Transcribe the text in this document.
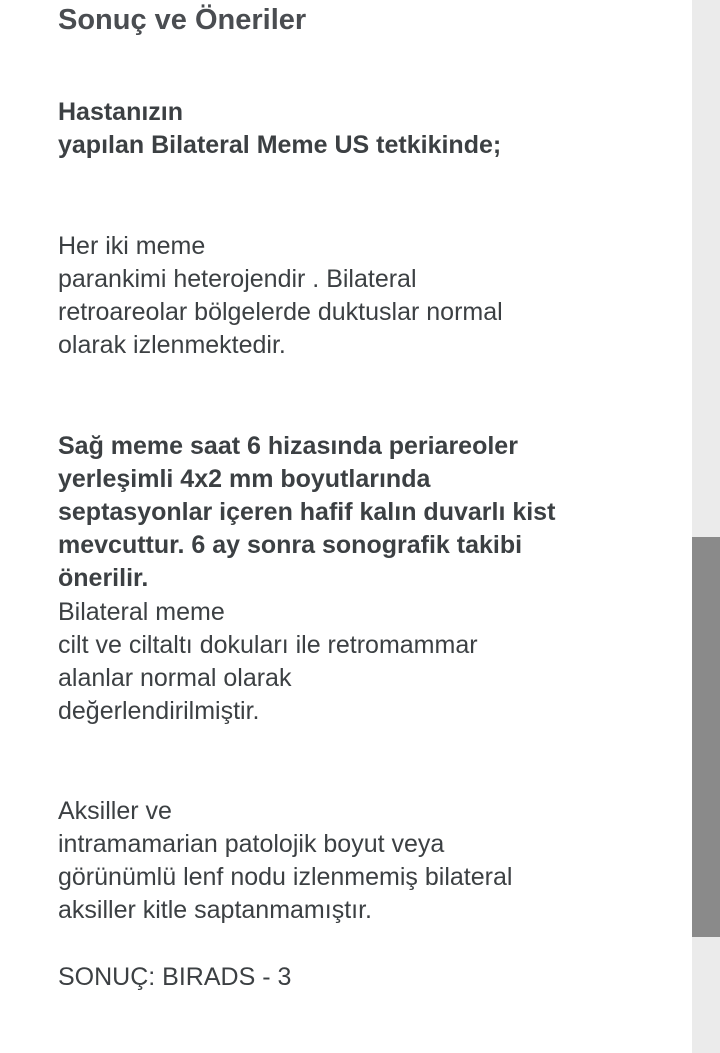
Sonuç ve Öneriler

Hastanızın
yapılan Bilateral Meme US tetkikinde;

Her iki meme
parankimi heterojendir . Bilateral
retroareolar bölgelerde duktuslar normal
olarak izlenmektedir.

Sağ meme saat 6 hizasında periareoler
yerleşimli 4x2 mm boyutlarında
septasyonlar içeren hafif kalın duvarlı kist
mevcuttur. 6 ay sonra sonografik takibi
önerilir.

Bilateral meme
cilt ve ciltaltı dokuları ile retromammar
alanlar normal olarak
değerlendirilmiştir.

Aksiller ve
intramamarian patolojik boyut veya
görünümlü lenf nodu izlenmemiş bilateral
aksiller kitle saptanmamıştır.

SONUÇ: BIRADS - 3
